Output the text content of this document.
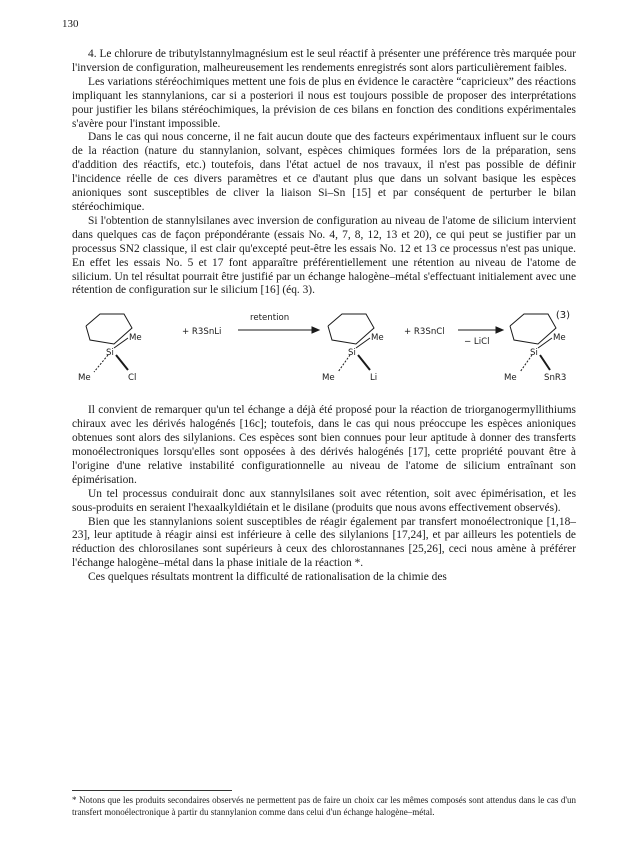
130

4. Le chlorure de tributylstannylmagnésium est le seul réactif à présenter une préférence très marquée pour l'inversion de configuration, malheureusement les rendements enregistrés sont alors particulièrement faibles.

Les variations stéréochimiques mettent une fois de plus en évidence le caractère “capricieux” des réactions impliquant les stannylanions, car si a posteriori il nous est toujours possible de proposer des interprétations pour justifier les bilans stéréochimiques, la prévision de ces bilans en fonction des conditions expérimentales s'avère pour l'instant impossible.

Dans le cas qui nous concerne, il ne fait aucun doute que des facteurs expérimentaux influent sur le cours de la réaction (nature du stannylanion, solvant, espèces chimiques formées lors de la préparation, sens d'addition des réactifs, etc.) toutefois, dans l'état actuel de nos travaux, il n'est pas possible de définir l'incidence réelle de ces divers paramètres et ce d'autant plus que dans un solvant basique les espèces anioniques sont susceptibles de cliver la liaison Si–Sn [15] et par conséquent de perturber le bilan stéréochimique.

Si l'obtention de stannylsilanes avec inversion de configuration au niveau de l'atome de silicium intervient dans quelques cas de façon prépondérante (essais No. 4, 7, 8, 12, 13 et 20), ce qui peut se justifier par un processus SN2 classique, il est clair qu'excepté peut-être les essais No. 12 et 13 ce processus n'est pas unique. En effet les essais No. 5 et 17 font apparaître préférentiellement une rétention au niveau de l'atome de silicium. Un tel résultat pourrait être justifié par un échange halogène–métal s'effectuant initialement avec une rétention de configuration sur le silicium [16] (éq. 3).

Si
Me
Me	Cl
+ R3SnLi
retention
Si
Me
Me	Li
+ R3SnCl
− LiCl
Si
Me
Me	SnR3
(3)

Il convient de remarquer qu'un tel échange a déjà été proposé pour la réaction de triorganogermyllithiums chiraux avec les dérivés halogénés [16c]; toutefois, dans le cas qui nous préoccupe les espèces anioniques obtenues sont alors des silylanions. Ces espèces sont bien connues pour leur aptitude à donner des transferts monoélectroniques lorsqu'elles sont opposées à des dérivés halogénés [17], cette propriété pouvant être à l'origine d'une relative instabilité configurationnelle au niveau de l'atome de silicium entraînant son épimérisation.

Un tel processus conduirait donc aux stannylsilanes soit avec rétention, soit avec épimérisation, et les sous-produits en seraient l'hexaalkyldiétain et le disilane (produits que nous avons effectivement observés).

Bien que les stannylanions soient susceptibles de réagir également par transfert monoélectronique [1,18–23], leur aptitude à réagir ainsi est inférieure à celle des silylanions [17,24], et par ailleurs les potentiels de réduction des chlorosilanes sont supérieurs à ceux des chlorostannanes [25,26], ceci nous amène à préférer l'échange halogène–métal dans la phase initiale de la réaction *.

Ces quelques résultats montrent la difficulté de rationalisation de la chimie des

* Notons que les produits secondaires observés ne permettent pas de faire un choix car les mêmes composés sont attendus dans le cas d'un transfert monoélectronique à partir du stannylanion comme dans celui d'un échange halogène–métal.
